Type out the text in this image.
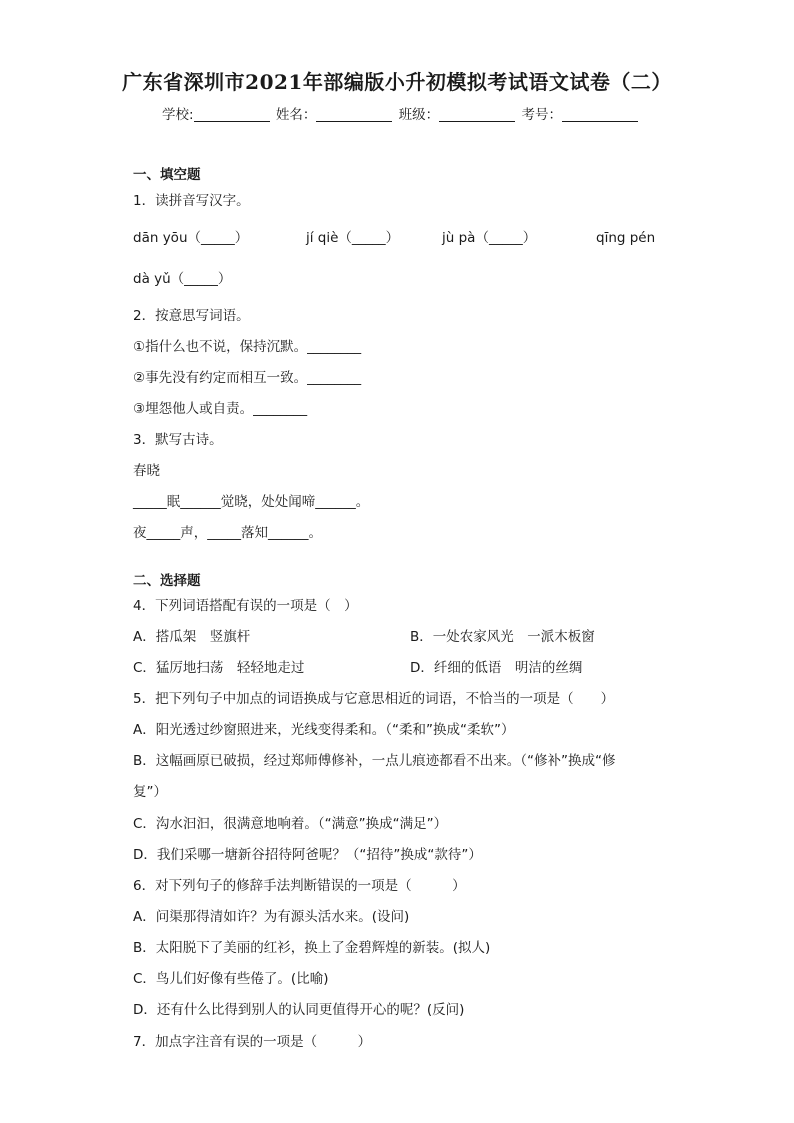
广东省深圳市2021年部编版小升初模拟考试语文试卷（二）
学校:	姓名：	班级：	考号：
一、填空题
1．读拼音写汉字。
dān yōu（_____）	jí qiè（_____）	jù pà（_____）	qīng pén
dà yǔ（_____）
2．按意思写词语。
①指什么也不说，保持沉默。________
②事先没有约定而相互一致。________
③埋怨他人或自责。________
3．默写古诗。
春晓
_____眠______觉晓，处处闻啼______。
夜_____声，_____落知______。
二、选择题
4．下列词语搭配有误的一项是（　）
A．搭瓜架　竖旗杆	B．一处农家风光　一派木板窗
C．猛厉地扫荡　轻轻地走过	D．纤细的低语　明洁的丝绸
5．把下列句子中加点的词语换成与它意思相近的词语，不恰当的一项是（　　）
A．阳光透过纱窗照进来，光线变得柔和。（“柔和”换成“柔软”）
B．这幅画原已破损，经过郑师傅修补，一点儿痕迹都看不出来。（“修补”换成“修
复”）
C．沟水汩汩，很满意地响着。（“满意”换成“满足”）
D．我们采哪一塘新谷招待阿爸呢？（“招待”换成“款待”）
6．对下列句子的修辞手法判断错误的一项是（　　　）
A．问渠那得清如许？为有源头活水来。(设问)
B．太阳脱下了美丽的红衫，换上了金碧辉煌的新装。(拟人)
C．鸟儿们好像有些倦了。(比喻)
D．还有什么比得到别人的认同更值得开心的呢？(反问)
7．加点字注音有误的一项是（　　　）
